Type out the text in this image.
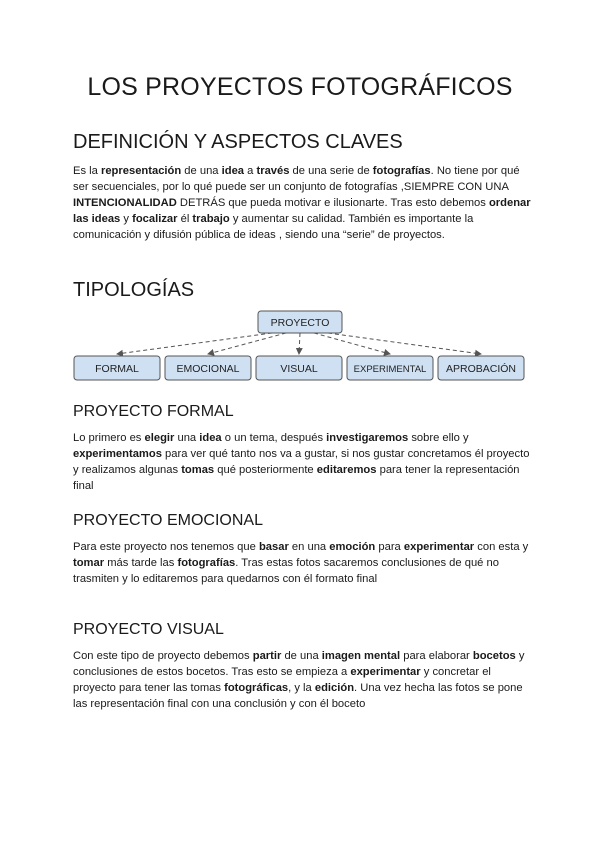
LOS PROYECTOS FOTOGRÁFICOS
DEFINICIÓN Y ASPECTOS CLAVES

Es la representación de una idea a través de una serie de fotografías. No tiene por qué ser secuenciales, por lo qué puede ser un conjunto de fotografías ,SIEMPRE CON UNA INTENCIONALIDAD DETRÁS que pueda motivar e ilusionarte. Tras esto debemos ordenar las ideas y focalizar él trabajo y aumentar su calidad. También es importante la comunicación y difusión pública de ideas , siendo una “serie” de proyectos.

TIPOLOGÍAS
PROYECTO
FORMAL	EMOCIONAL	VISUAL	EXPERIMENTAL APROBACIÓN
PROYECTO FORMAL

Lo primero es elegir una idea o un tema, después investigaremos sobre ello y experimentamos para ver qué tanto nos va a gustar, si nos gustar concretamos él proyecto y realizamos algunas tomas qué posteriormente editaremos para tener la representación final

PROYECTO EMOCIONAL

Para este proyecto nos tenemos que basar en una emoción para experimentar con esta y tomar más tarde las fotografías. Tras estas fotos sacaremos conclusiones de qué no trasmiten y lo editaremos para quedarnos con él formato final

PROYECTO VISUAL

Con este tipo de proyecto debemos partir de una imagen mental para elaborar bocetos y conclusiones de estos bocetos. Tras esto se empieza a experimentar y concretar el proyecto para tener las tomas fotográficas, y la edición. Una vez hecha las fotos se pone las representación final con una conclusión y con él boceto
